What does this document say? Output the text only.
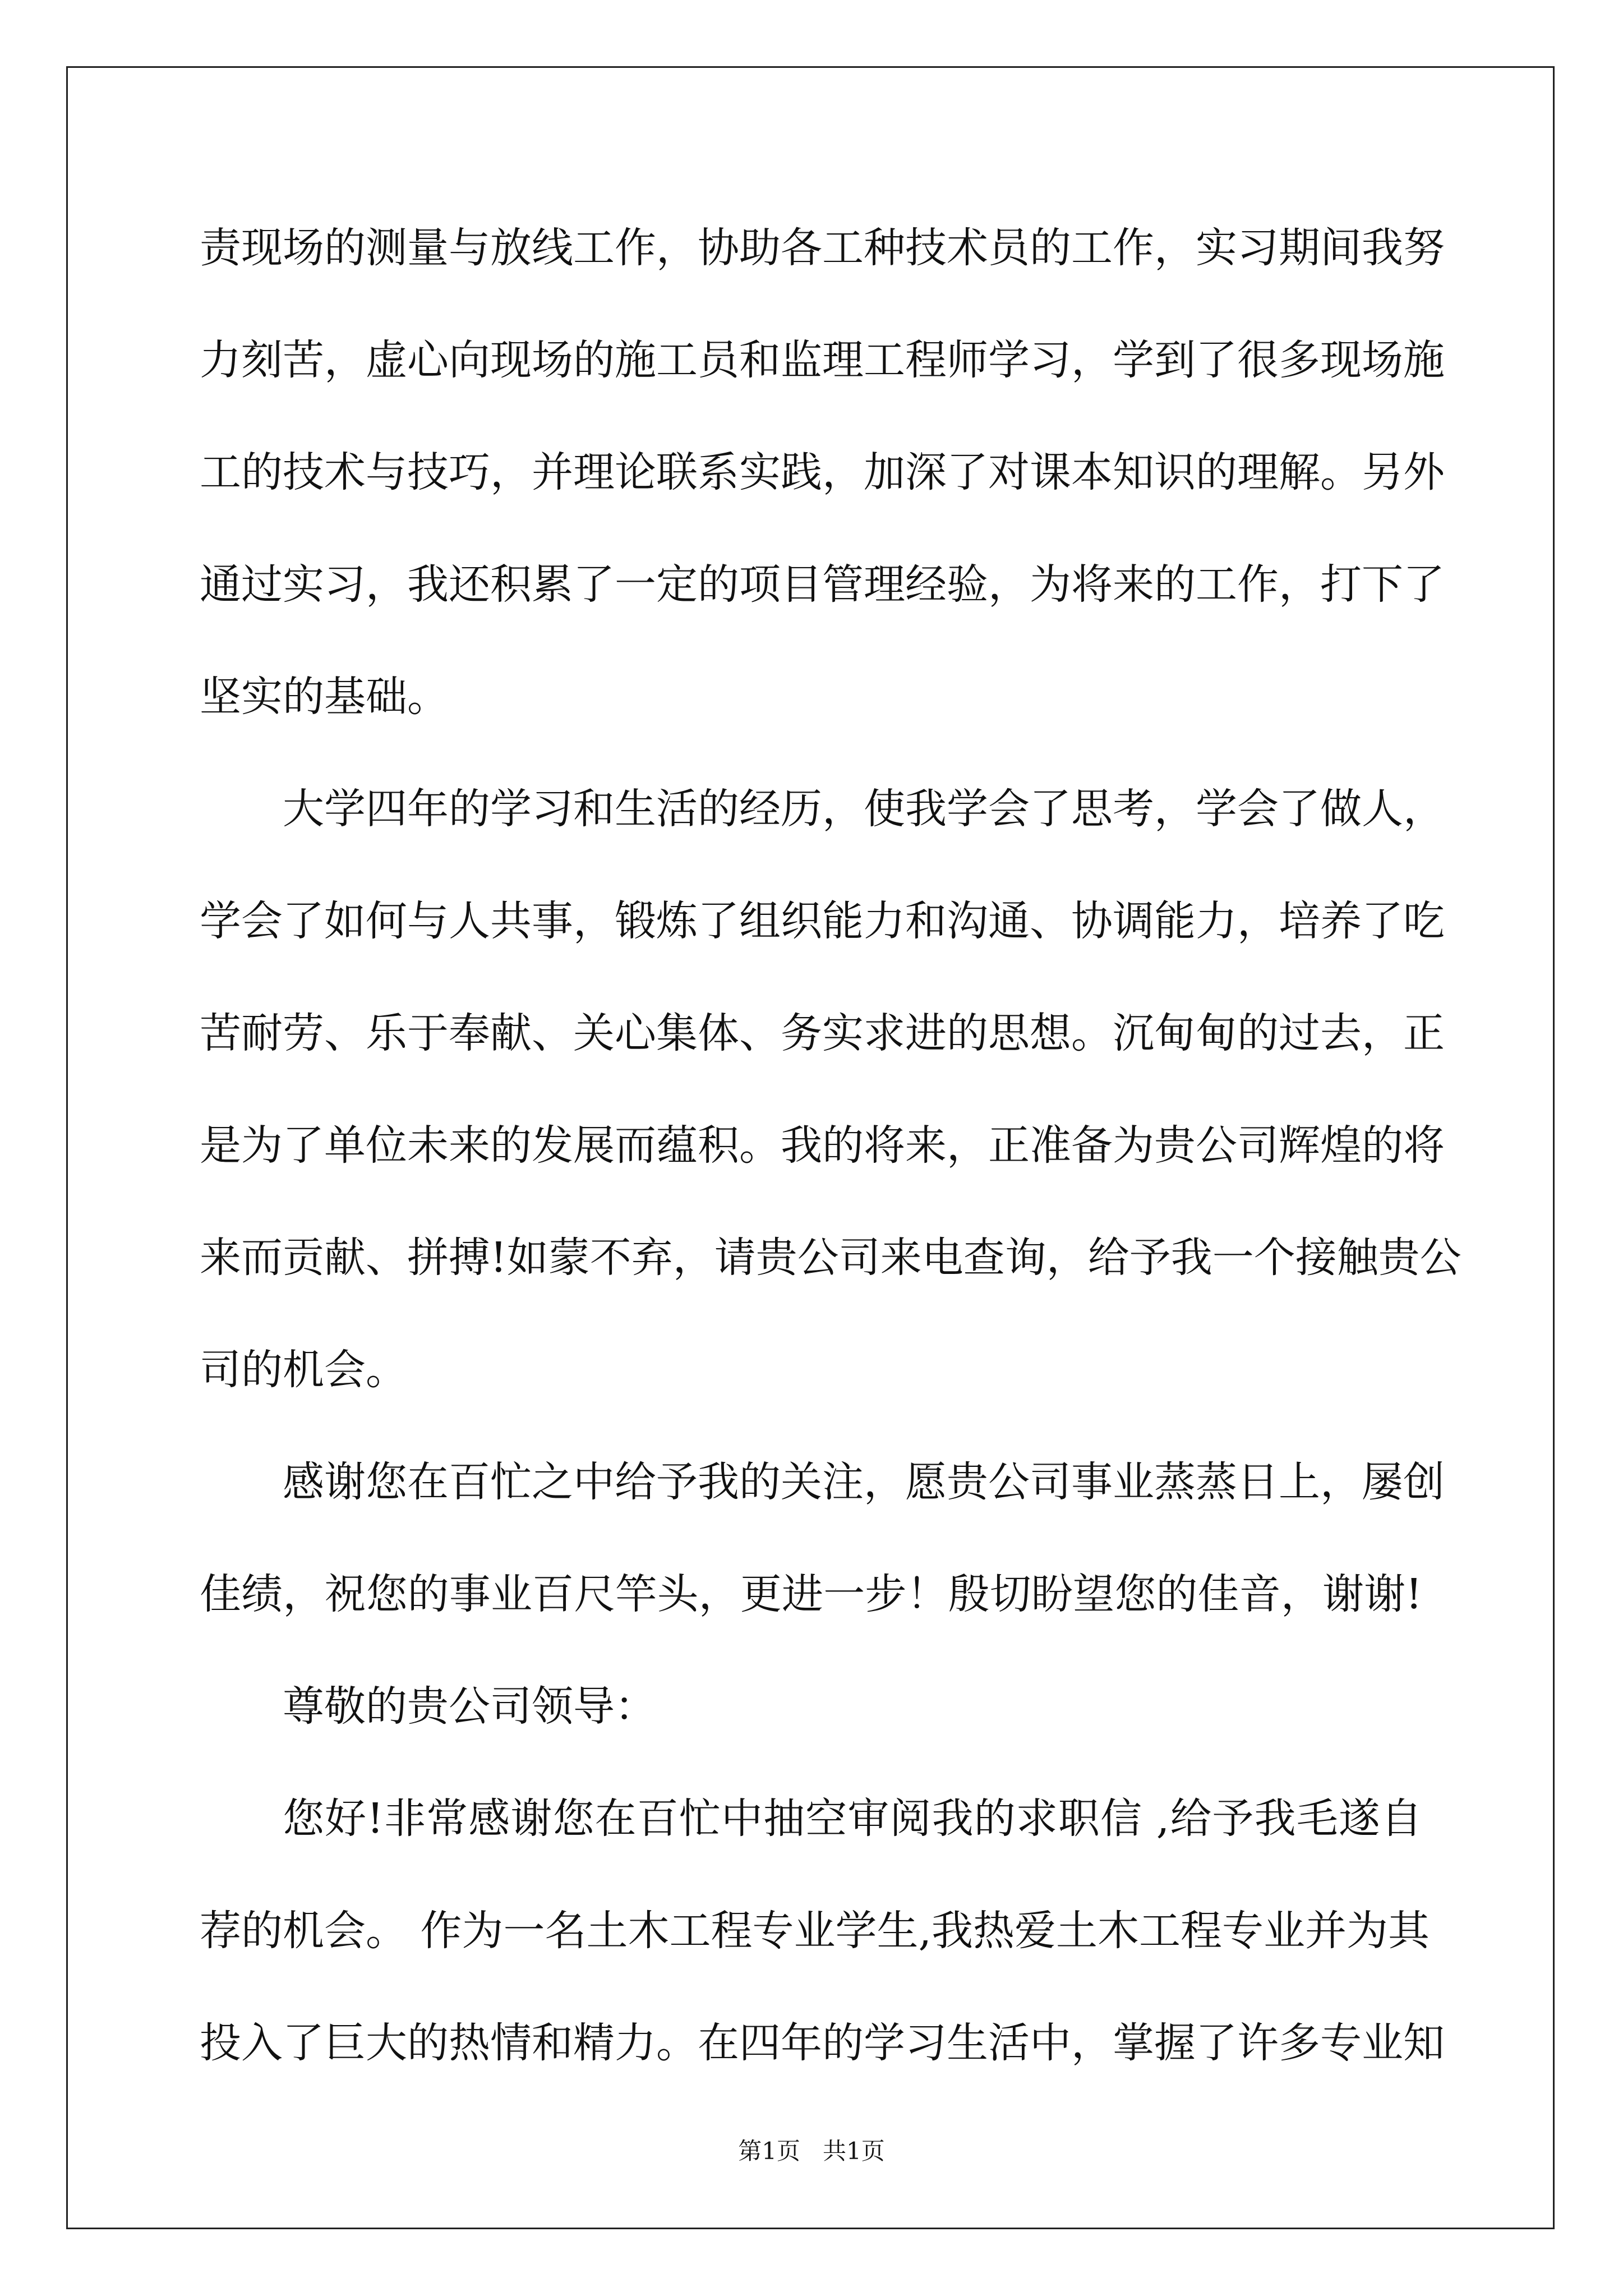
责现场的测量与放线工作，协助各工种技术员的工作，实习期间我努
力刻苦，虚心向现场的施工员和监理工程师学习，学到了很多现场施
工的技术与技巧，并理论联系实践，加深了对课本知识的理解。另外
通过实习，我还积累了一定的项目管理经验，为将来的工作，打下了
坚实的基础。
大学四年的学习和生活的经历，使我学会了思考，学会了做人，
学会了如何与人共事，锻炼了组织能力和沟通、协调能力，培养了吃
苦耐劳、乐于奉献、关心集体、务实求进的思想。沉甸甸的过去，正
是为了单位未来的发展而蕴积。我的将来，正准备为贵公司辉煌的将
来而贡献、拼搏!如蒙不弃，请贵公司来电查询，给予我一个接触贵公
司的机会。
感谢您在百忙之中给予我的关注，愿贵公司事业蒸蒸日上，屡创
佳绩，祝您的事业百尺竿头，更进一步！殷切盼望您的佳音，谢谢!
尊敬的贵公司领导：
您好!非常感谢您在百忙中抽空审阅我的求职信 ,给予我毛遂自
荐的机会。 作为一名土木工程专业学生,我热爱土木工程专业并为其
投入了巨大的热情和精力。在四年的学习生活中，掌握了许多专业知
第1页   共1页
